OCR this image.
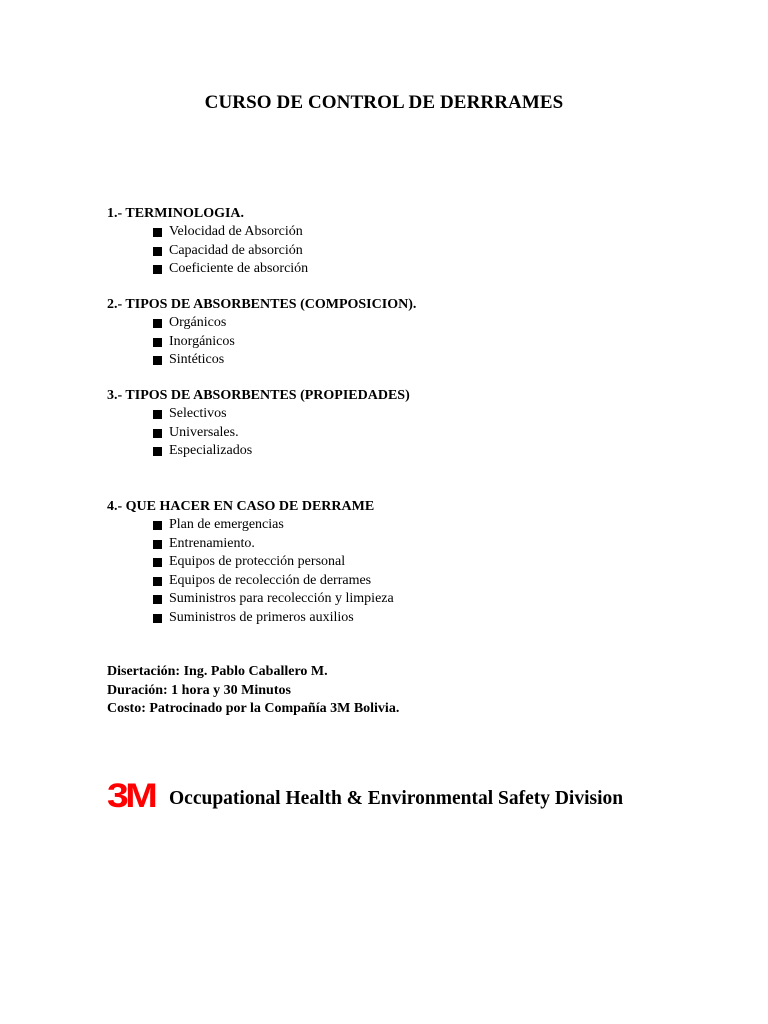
CURSO DE CONTROL DE DERRRAMES
1.- TERMINOLOGIA.
Velocidad de Absorción
Capacidad de absorción
Coeficiente de absorción
2.- TIPOS DE ABSORBENTES (COMPOSICION).
Orgánicos
Inorgánicos
Sintéticos
3.- TIPOS DE ABSORBENTES (PROPIEDADES)
Selectivos
Universales.
Especializados
4.- QUE HACER EN CASO DE DERRAME
Plan de emergencias
Entrenamiento.
Equipos de protección personal
Equipos de recolección de derrames
Suministros para recolección y limpieza
Suministros de primeros auxilios
Disertación: Ing. Pablo Caballero M.
Duración: 1 hora y 30 Minutos
Costo: Patrocinado por la Compañía 3M Bolivia.
3M Occupational Health & Environmental Safety Division
